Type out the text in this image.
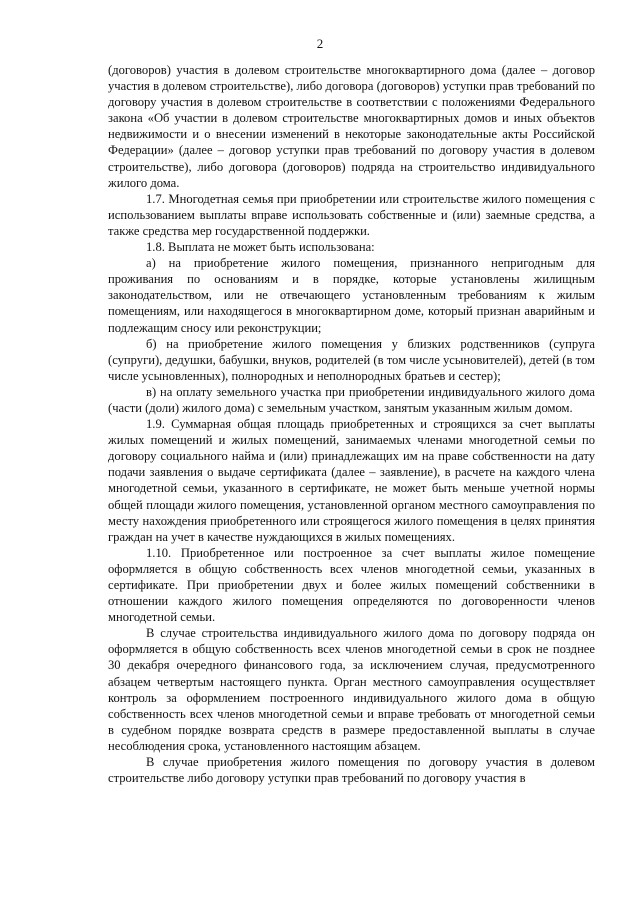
2

(договоров) участия в долевом строительстве многоквартирного дома (далее – договор участия в долевом строительстве), либо договора (договоров) уступки прав требований по договору участия в долевом строительстве в соответствии с положениями Федерального закона «Об участии в долевом строительстве многоквартирных домов и иных объектов недвижимости и о внесении изменений в некоторые законодательные акты Российской Федерации» (далее – договор уступки прав требований по договору участия в долевом строительстве), либо договора (договоров) подряда на строительство индивидуального жилого дома.

1.7. Многодетная семья при приобретении или строительстве жилого помещения с использованием выплаты вправе использовать собственные и (или) заемные средства, а также средства мер государственной поддержки.

1.8. Выплата не может быть использована:

а) на приобретение жилого помещения, признанного непригодным для проживания по основаниям и в порядке, которые установлены жилищным законодательством, или не отвечающего установленным требованиям к жилым помещениям, или находящегося в многоквартирном доме, который признан аварийным и подлежащим сносу или реконструкции;

б) на приобретение жилого помещения у близких родственников (супруга (супруги), дедушки, бабушки, внуков, родителей (в том числе усыновителей), детей (в том числе усыновленных), полнородных и неполнородных братьев и сестер);

в) на оплату земельного участка при приобретении индивидуального жилого дома (части (доли) жилого дома) с земельным участком, занятым указанным жилым домом.

1.9. Суммарная общая площадь приобретенных и строящихся за счет выплаты жилых помещений и жилых помещений, занимаемых членами многодетной семьи по договору социального найма и (или) принадлежащих им на праве собственности на дату подачи заявления о выдаче сертификата (далее – заявление), в расчете на каждого члена многодетной семьи, указанного в сертификате, не может быть меньше учетной нормы общей площади жилого помещения, установленной органом местного самоуправления по месту нахождения приобретенного или строящегося жилого помещения в целях принятия граждан на учет в качестве нуждающихся в жилых помещениях.

1.10. Приобретенное или построенное за счет выплаты жилое помещение оформляется в общую собственность всех членов многодетной семьи, указанных в сертификате. При приобретении двух и более жилых помещений собственники в отношении каждого жилого помещения определяются по договоренности членов многодетной семьи.

В случае строительства индивидуального жилого дома по договору подряда он оформляется в общую собственность всех членов многодетной семьи в срок не позднее 30 декабря очередного финансового года, за исключением случая, предусмотренного абзацем четвертым настоящего пункта. Орган местного самоуправления осуществляет контроль за оформлением построенного индивидуального жилого дома в общую собственность всех членов многодетной семьи и вправе требовать от многодетной семьи в судебном порядке возврата средств в размере предоставленной выплаты в случае несоблюдения срока, установленного настоящим абзацем.

В случае приобретения жилого помещения по договору участия в долевом строительстве либо договору уступки прав требований по договору участия в
